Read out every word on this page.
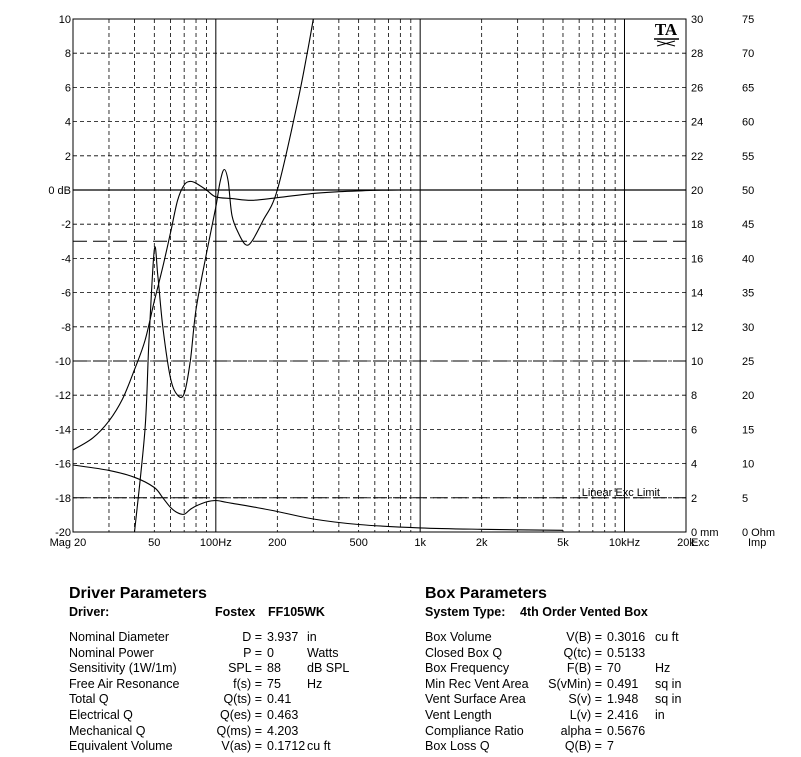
Linear Exc Limit
10
8
6
4
2
0 dB
-2
-4
-6
-8
-10
-12
-14
-16
-18
-20
30
28
26
24
22
20
18
16
14
12
10
8
6
4
2
0 mm
75
70
65
60
55
50
45
40
35
30
25
20
15
10
5
0 Ohm
20	50	100Hz	200	500	1k	2k	5k	10kHz	20k
Mag	Exc	Imp
TA
Driver Parameters
Driver:	Fostex FF105WK
Nominal Diameter	D = 3.937 in
Nominal Power	P = 0	Watts
Sensitivity (1W/1m)	SPL = 88 dB SPL
Free Air Resonance	f(s) = 75 Hz
Total Q	Q(ts) = 0.41
Electrical Q	Q(es) = 0.463
Mechanical Q	Q(ms) = 4.203
Equivalent Volume	V(as) = 0.1712 cu ft
Box Parameters
System Type: 4th Order Vented Box
Box Volume	V(B) = 0.3016 cu ft
Closed Box Q	Q(tc) = 0.5133
Box Frequency	F(B) = 70	Hz
Min Rec Vent Area S(vMin) = 0.491 sq in
Vent Surface Area	S(v) = 1.948 sq in
Vent Length	L(v) = 2.416 in
Compliance Ratio	alpha = 0.5676
Box Loss Q	Q(B) = 7
